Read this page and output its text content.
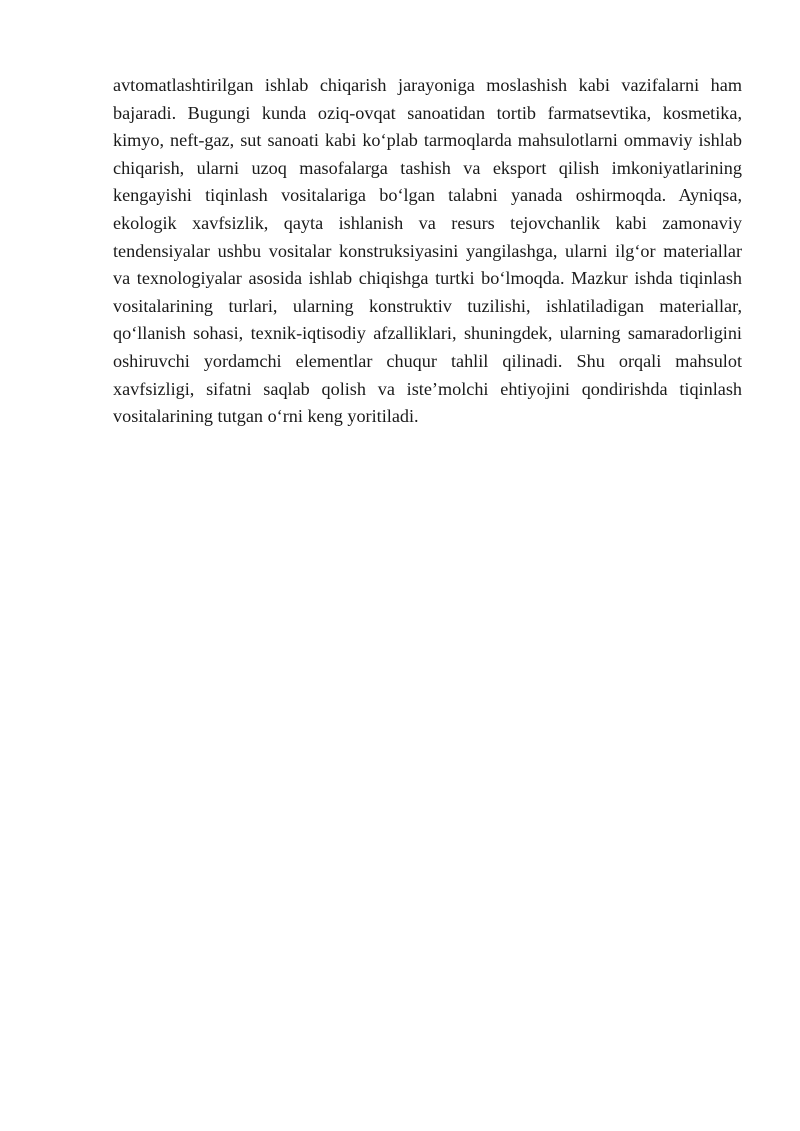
avtomatlashtirilgan ishlab chiqarish jarayoniga moslashish kabi vazifalarni ham
bajaradi. Bugungi kunda oziq-ovqat sanoatidan tortib farmatsevtika, kosmetika,
kimyo, neft-gaz, sut sanoati kabi ko‘plab tarmoqlarda mahsulotlarni ommaviy ishlab
chiqarish, ularni uzoq masofalarga tashish va eksport qilish imkoniyatlarining
kengayishi tiqinlash vositalariga bo‘lgan talabni yanada oshirmoqda. Ayniqsa,
ekologik xavfsizlik, qayta ishlanish va resurs tejovchanlik kabi zamonaviy
tendensiyalar ushbu vositalar konstruksiyasini yangilashga, ularni ilg‘or materiallar
va texnologiyalar asosida ishlab chiqishga turtki bo‘lmoqda. Mazkur ishda tiqinlash
vositalarining turlari, ularning konstruktiv tuzilishi, ishlatiladigan materiallar,
qo‘llanish sohasi, texnik-iqtisodiy afzalliklari, shuningdek, ularning samaradorligini
oshiruvchi yordamchi elementlar chuqur tahlil qilinadi. Shu orqali mahsulot
xavfsizligi, sifatni saqlab qolish va iste’molchi ehtiyojini qondirishda tiqinlash
vositalarining tutgan o‘rni keng yoritiladi.
